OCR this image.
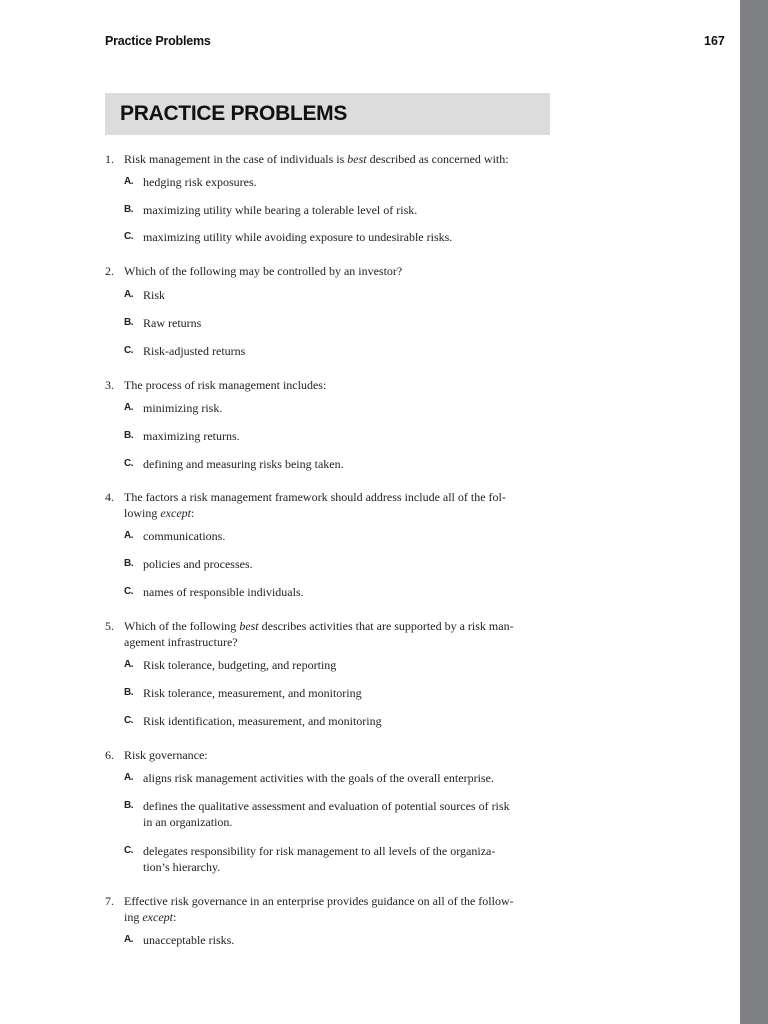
Practice Problems	167
PRACTICE PROBLEMS
1. Risk management in the case of individuals is best described as concerned with:
A. hedging risk exposures.
B. maximizing utility while bearing a tolerable level of risk.
C. maximizing utility while avoiding exposure to undesirable risks.
2. Which of the following may be controlled by an investor?
A. Risk
B. Raw returns
C. Risk-adjusted returns
3. The process of risk management includes:
A. minimizing risk.
B. maximizing returns.
C. defining and measuring risks being taken.
4. The factors a risk management framework should address include all of the fol-
lowing except:
A. communications.
B. policies and processes.
C. names of responsible individuals.
5. Which of the following best describes activities that are supported by a risk man-
agement infrastructure?
A. Risk tolerance, budgeting, and reporting
B. Risk tolerance, measurement, and monitoring
C. Risk identification, measurement, and monitoring
6. Risk governance:
A. aligns risk management activities with the goals of the overall enterprise.
B. defines the qualitative assessment and evaluation of potential sources of risk
in an organization.
C. delegates responsibility for risk management to all levels of the organiza-
tion’s hierarchy.
7. Effective risk governance in an enterprise provides guidance on all of the follow-
ing except:
A. unacceptable risks.
